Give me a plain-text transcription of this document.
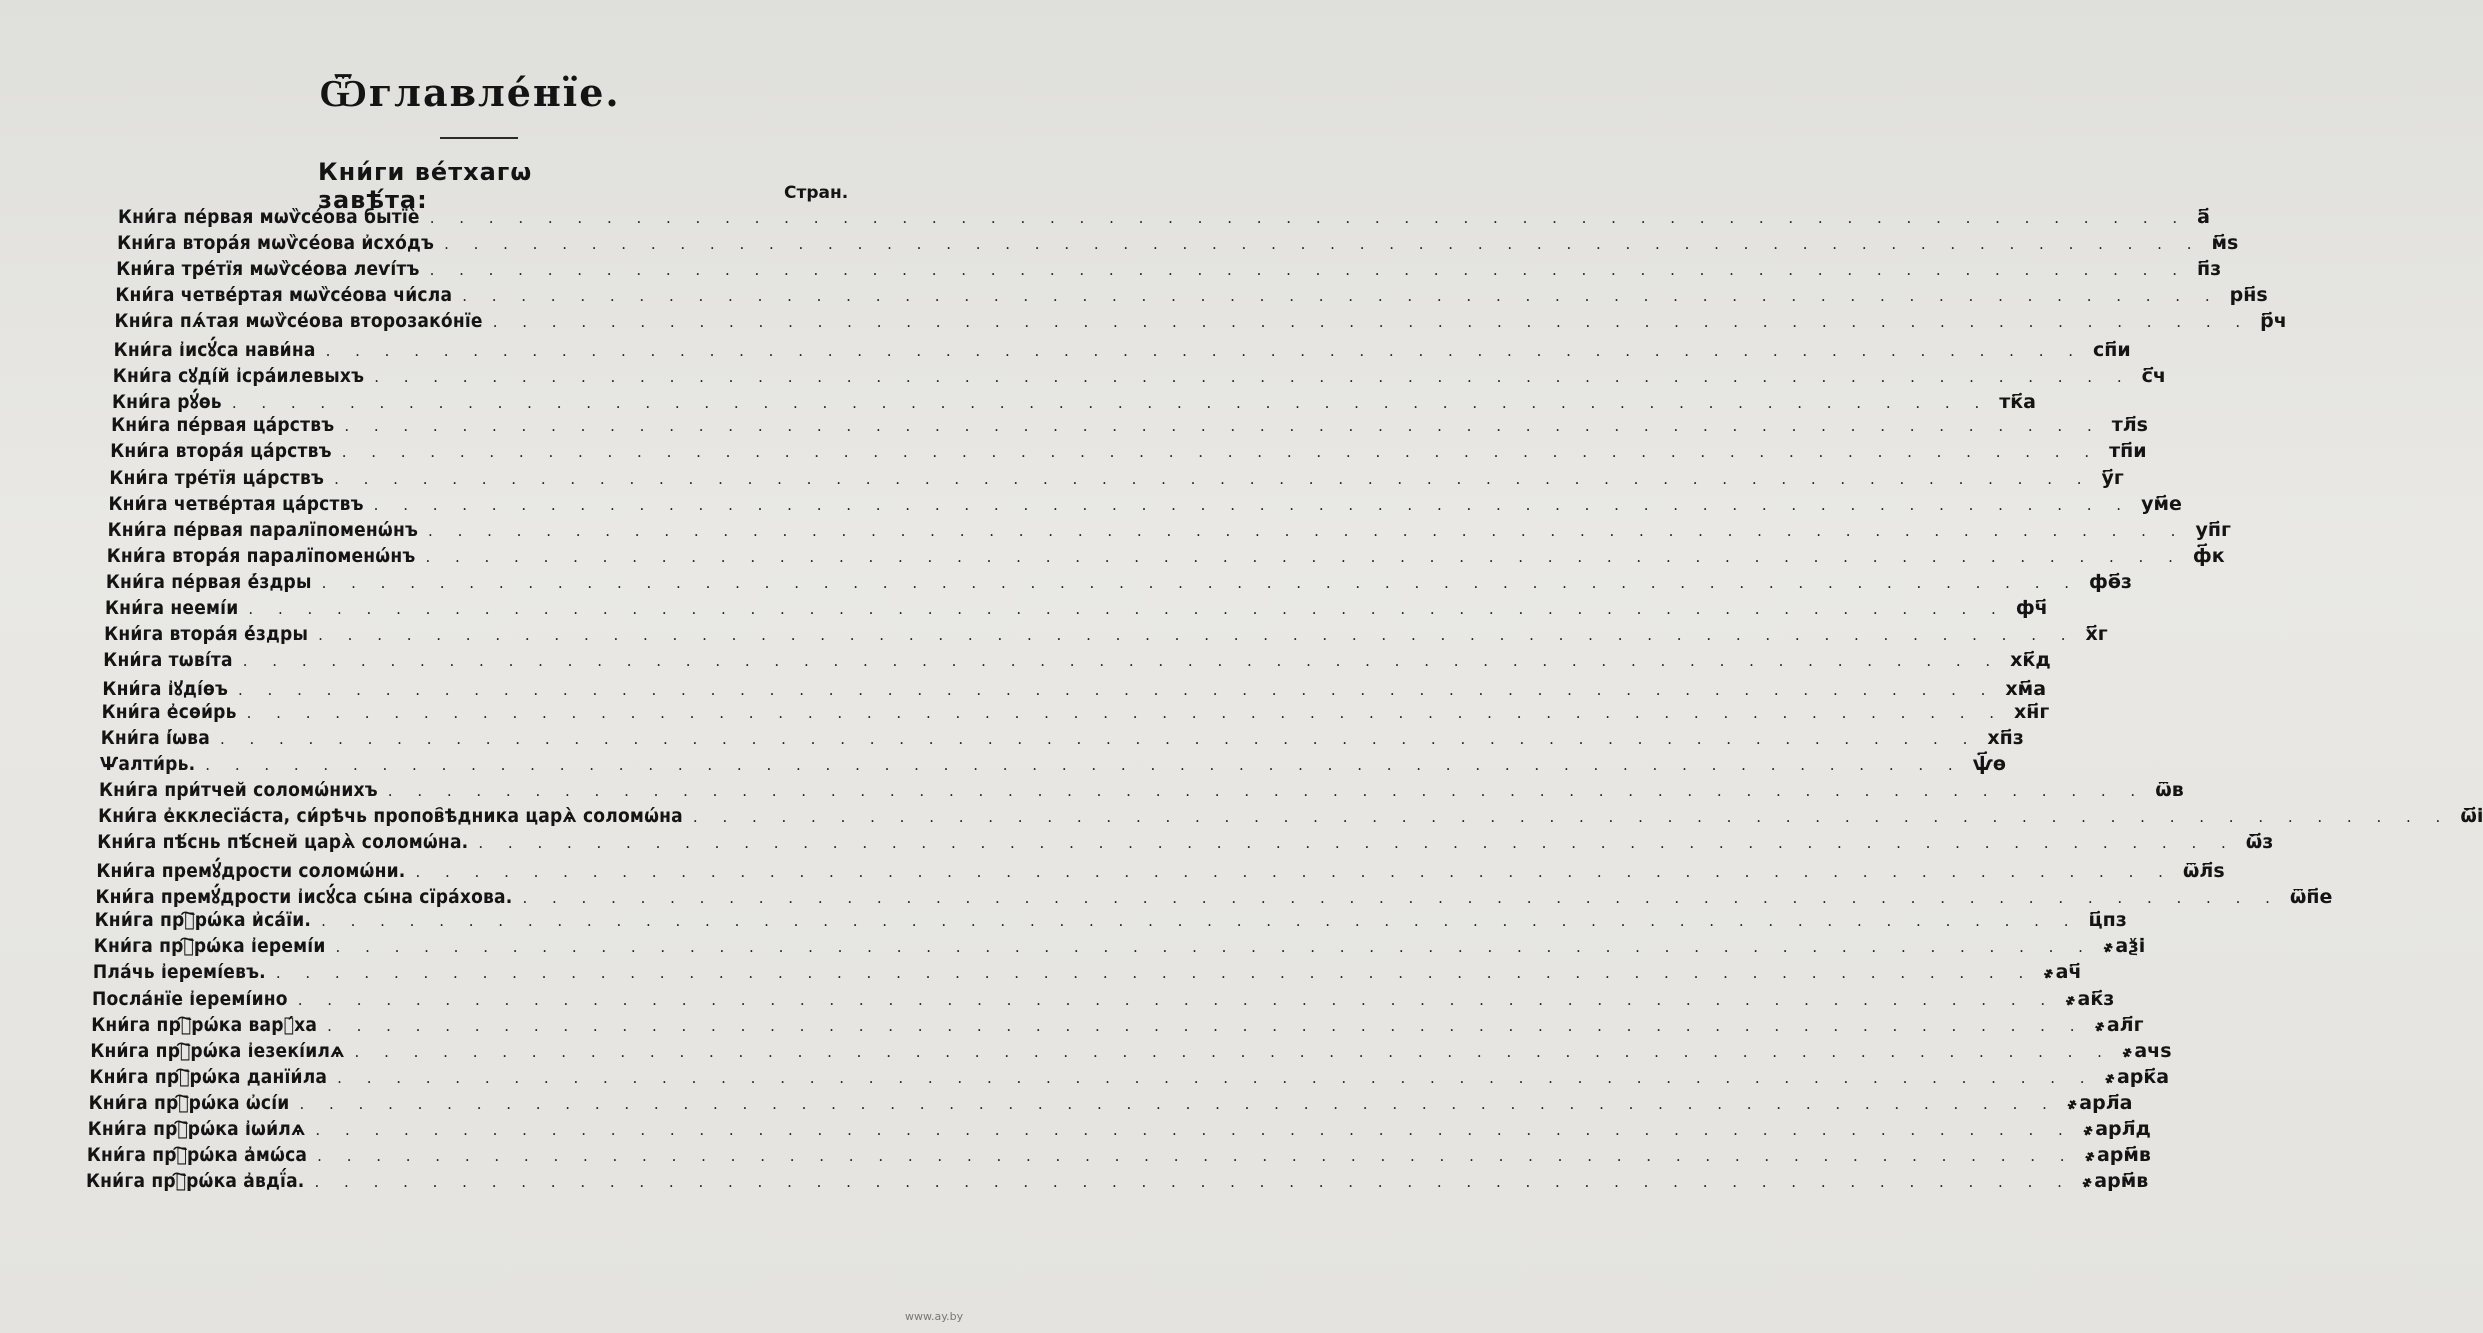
Ѿглавле́нїе.
Кни́ги ве́тхагѡ завѣ́та:	Стран.
Кни́га пе́рвая мѡѷсе́ова бытїѐ . . . . . . . . . . . . . . . . . . . . . . . . . . . . . . . . . . . . . . . . . . . . . . . . . . . . . . . . . . . . а҃
Кни́га втора́я мѡѷсе́ова и҆схо́дъ . . . . . . . . . . . . . . . . . . . . . . . . . . . . . . . . . . . . . . . . . . . . . . . . . . . . . . . . . . . . м҃ѕ
Кни́га тре́тїя мѡѷсе́ова леѵі́тъ . . . . . . . . . . . . . . . . . . . . . . . . . . . . . . . . . . . . . . . . . . . . . . . . . . . . . . . . . . . . п҃з
Кни́га четве́ртая мѡѷсе́ова чи́сла . . . . . . . . . . . . . . . . . . . . . . . . . . . . . . . . . . . . . . . . . . . . . . . . . . . . . . . . . . . . рн҃ѕ
Кни́га пѧ́тая мѡѷсе́ова второзако́нїе . . . . . . . . . . . . . . . . . . . . . . . . . . . . . . . . . . . . . . . . . . . . . . . . . . . . . . . . . . . . р҃ч
Кни́га і҆исꙋ́са нави́на . . . . . . . . . . . . . . . . . . . . . . . . . . . . . . . . . . . . . . . . . . . . . . . . . . . . . . . . . . . . сп҃и
Кни́га сꙋді́й і҆сра́илевыхъ . . . . . . . . . . . . . . . . . . . . . . . . . . . . . . . . . . . . . . . . . . . . . . . . . . . . . . . . . . . . с҃ч
Кни́га рꙋ́ѳь . . . . . . . . . . . . . . . . . . . . . . . . . . . . . . . . . . . . . . . . . . . . . . . . . . . . . . . . . . . . тк҃а
Кни́га пе́рвая ца́рствъ . . . . . . . . . . . . . . . . . . . . . . . . . . . . . . . . . . . . . . . . . . . . . . . . . . . . . . . . . . . . тл҃ѕ
Кни́га втора́я ца́рствъ . . . . . . . . . . . . . . . . . . . . . . . . . . . . . . . . . . . . . . . . . . . . . . . . . . . . . . . . . . . . тп҃и
Кни́га тре́тїя ца́рствъ . . . . . . . . . . . . . . . . . . . . . . . . . . . . . . . . . . . . . . . . . . . . . . . . . . . . . . . . . . . . у҃г
Кни́га четве́ртая ца́рствъ . . . . . . . . . . . . . . . . . . . . . . . . . . . . . . . . . . . . . . . . . . . . . . . . . . . . . . . . . . . . ум҃е
Кни́га пе́рвая паралїпоменѡ́нъ . . . . . . . . . . . . . . . . . . . . . . . . . . . . . . . . . . . . . . . . . . . . . . . . . . . . . . . . . . . . уп҃г
Кни́га втора́я паралїпоменѡ́нъ . . . . . . . . . . . . . . . . . . . . . . . . . . . . . . . . . . . . . . . . . . . . . . . . . . . . . . . . . . . . ф҃к
Кни́га пе́рвая е҆́здры . . . . . . . . . . . . . . . . . . . . . . . . . . . . . . . . . . . . . . . . . . . . . . . . . . . . . . . . . . . . фѳ҃з
Кни́га неемі́и . . . . . . . . . . . . . . . . . . . . . . . . . . . . . . . . . . . . . . . . . . . . . . . . . . . . . . . . . . . . фч҃
Кни́га втора́я е҆́здры . . . . . . . . . . . . . . . . . . . . . . . . . . . . . . . . . . . . . . . . . . . . . . . . . . . . . . . . . . . . х҃г
Кни́га тѡві́та . . . . . . . . . . . . . . . . . . . . . . . . . . . . . . . . . . . . . . . . . . . . . . . . . . . . . . . . . . . . хк҃д
Кни́га і҆ꙋді́ѳъ . . . . . . . . . . . . . . . . . . . . . . . . . . . . . . . . . . . . . . . . . . . . . . . . . . . . . . . . . . . . хм҃а
Кни́га е҆сѳи́рь . . . . . . . . . . . . . . . . . . . . . . . . . . . . . . . . . . . . . . . . . . . . . . . . . . . . . . . . . . . . хн҃г
Кни́га і҆́ѡва . . . . . . . . . . . . . . . . . . . . . . . . . . . . . . . . . . . . . . . . . . . . . . . . . . . . . . . . . . . . хп҃з
Ѱалти́рь. . . . . . . . . . . . . . . . . . . . . . . . . . . . . . . . . . . . . . . . . . . . . . . . . . . . . . . . . . . . . ѱ҃ѳ
Кни́га при́тчей соломѡ́нихъ . . . . . . . . . . . . . . . . . . . . . . . . . . . . . . . . . . . . . . . . . . . . . . . . . . . . . . . . . . . . ѿв
Кни́га е҆кклесїа́ста, си́рѣчь пропов҄ѣдника царѧ̀ соломѡ́на . . . . . . . . . . . . . . . . . . . . . . . . . . . . . . . . . . . . . . . . . . . . . . . . . . . . . . . . . . . . ѿ҃і
Кни́га пѣ́снь пѣ́сней царѧ̀ соломѡ́на. . . . . . . . . . . . . . . . . . . . . . . . . . . . . . . . . . . . . . . . . . . . . . . . . . . . . . . . . . . . . ѿ҃з
Кни́га премꙋ́дрости соломѡ́ни. . . . . . . . . . . . . . . . . . . . . . . . . . . . . . . . . . . . . . . . . . . . . . . . . . . . . . . . . . . . . ѿл҃ѕ
Кни́га премꙋ́дрости і҆исꙋ́са сы́на сїра́хова. . . . . . . . . . . . . . . . . . . . . . . . . . . . . . . . . . . . . . . . . . . . . . . . . . . . . . . . . . . . . ѿп҃е
Кни́га прⷪ҇рѡ́ка и҆са́їи. . . . . . . . . . . . . . . . . . . . . . . . . . . . . . . . . . . . . . . . . . . . . . . . . . . . . . . . . . . . . ц҃пз
Кни́га прⷪ҇рѡ́ка і҆еремі́и . . . . . . . . . . . . . . . . . . . . . . . . . . . . . . . . . . . . . . . . . . . . . . . . . . . . . . . . . . . . ҂аѯі
Пла́чь і҆еремі́евъ. . . . . . . . . . . . . . . . . . . . . . . . . . . . . . . . . . . . . . . . . . . . . . . . . . . . . . . . . . . . . ҂ач҃
Посла́нїе і҆еремі́ино . . . . . . . . . . . . . . . . . . . . . . . . . . . . . . . . . . . . . . . . . . . . . . . . . . . . . . . . . . . . ҂ак҃з
Кни́га прⷪ҇рѡ́ка варꙋ́ха . . . . . . . . . . . . . . . . . . . . . . . . . . . . . . . . . . . . . . . . . . . . . . . . . . . . . . . . . . . . ҂ал҃г
Кни́га прⷪ҇рѡ́ка і҆езекі́илѧ . . . . . . . . . . . . . . . . . . . . . . . . . . . . . . . . . . . . . . . . . . . . . . . . . . . . . . . . . . . . ҂ачѕ
Кни́га прⷪ҇рѡ́ка данїи́ла . . . . . . . . . . . . . . . . . . . . . . . . . . . . . . . . . . . . . . . . . . . . . . . . . . . . . . . . . . . . ҂арк҃а
Кни́га прⷪ҇рѡ́ка ѡ҆сі́и . . . . . . . . . . . . . . . . . . . . . . . . . . . . . . . . . . . . . . . . . . . . . . . . . . . . . . . . . . . . ҂арл҃а
Кни́га прⷪ҇рѡ́ка і҆ѡи́лѧ . . . . . . . . . . . . . . . . . . . . . . . . . . . . . . . . . . . . . . . . . . . . . . . . . . . . . . . . . . . . ҂арл҃д
Кни́га прⷪ҇рѡ́ка а҆мѡ́са . . . . . . . . . . . . . . . . . . . . . . . . . . . . . . . . . . . . . . . . . . . . . . . . . . . . . . . . . . . . ҂арм҃в
Кни́га прⷪ҇рѡ́ка а҆вдї́а. . . . . . . . . . . . . . . . . . . . . . . . . . . . . . . . . . . . . . . . . . . . . . . . . . . . . . . . . . . . . ҂арм҃в
www.ay.by
